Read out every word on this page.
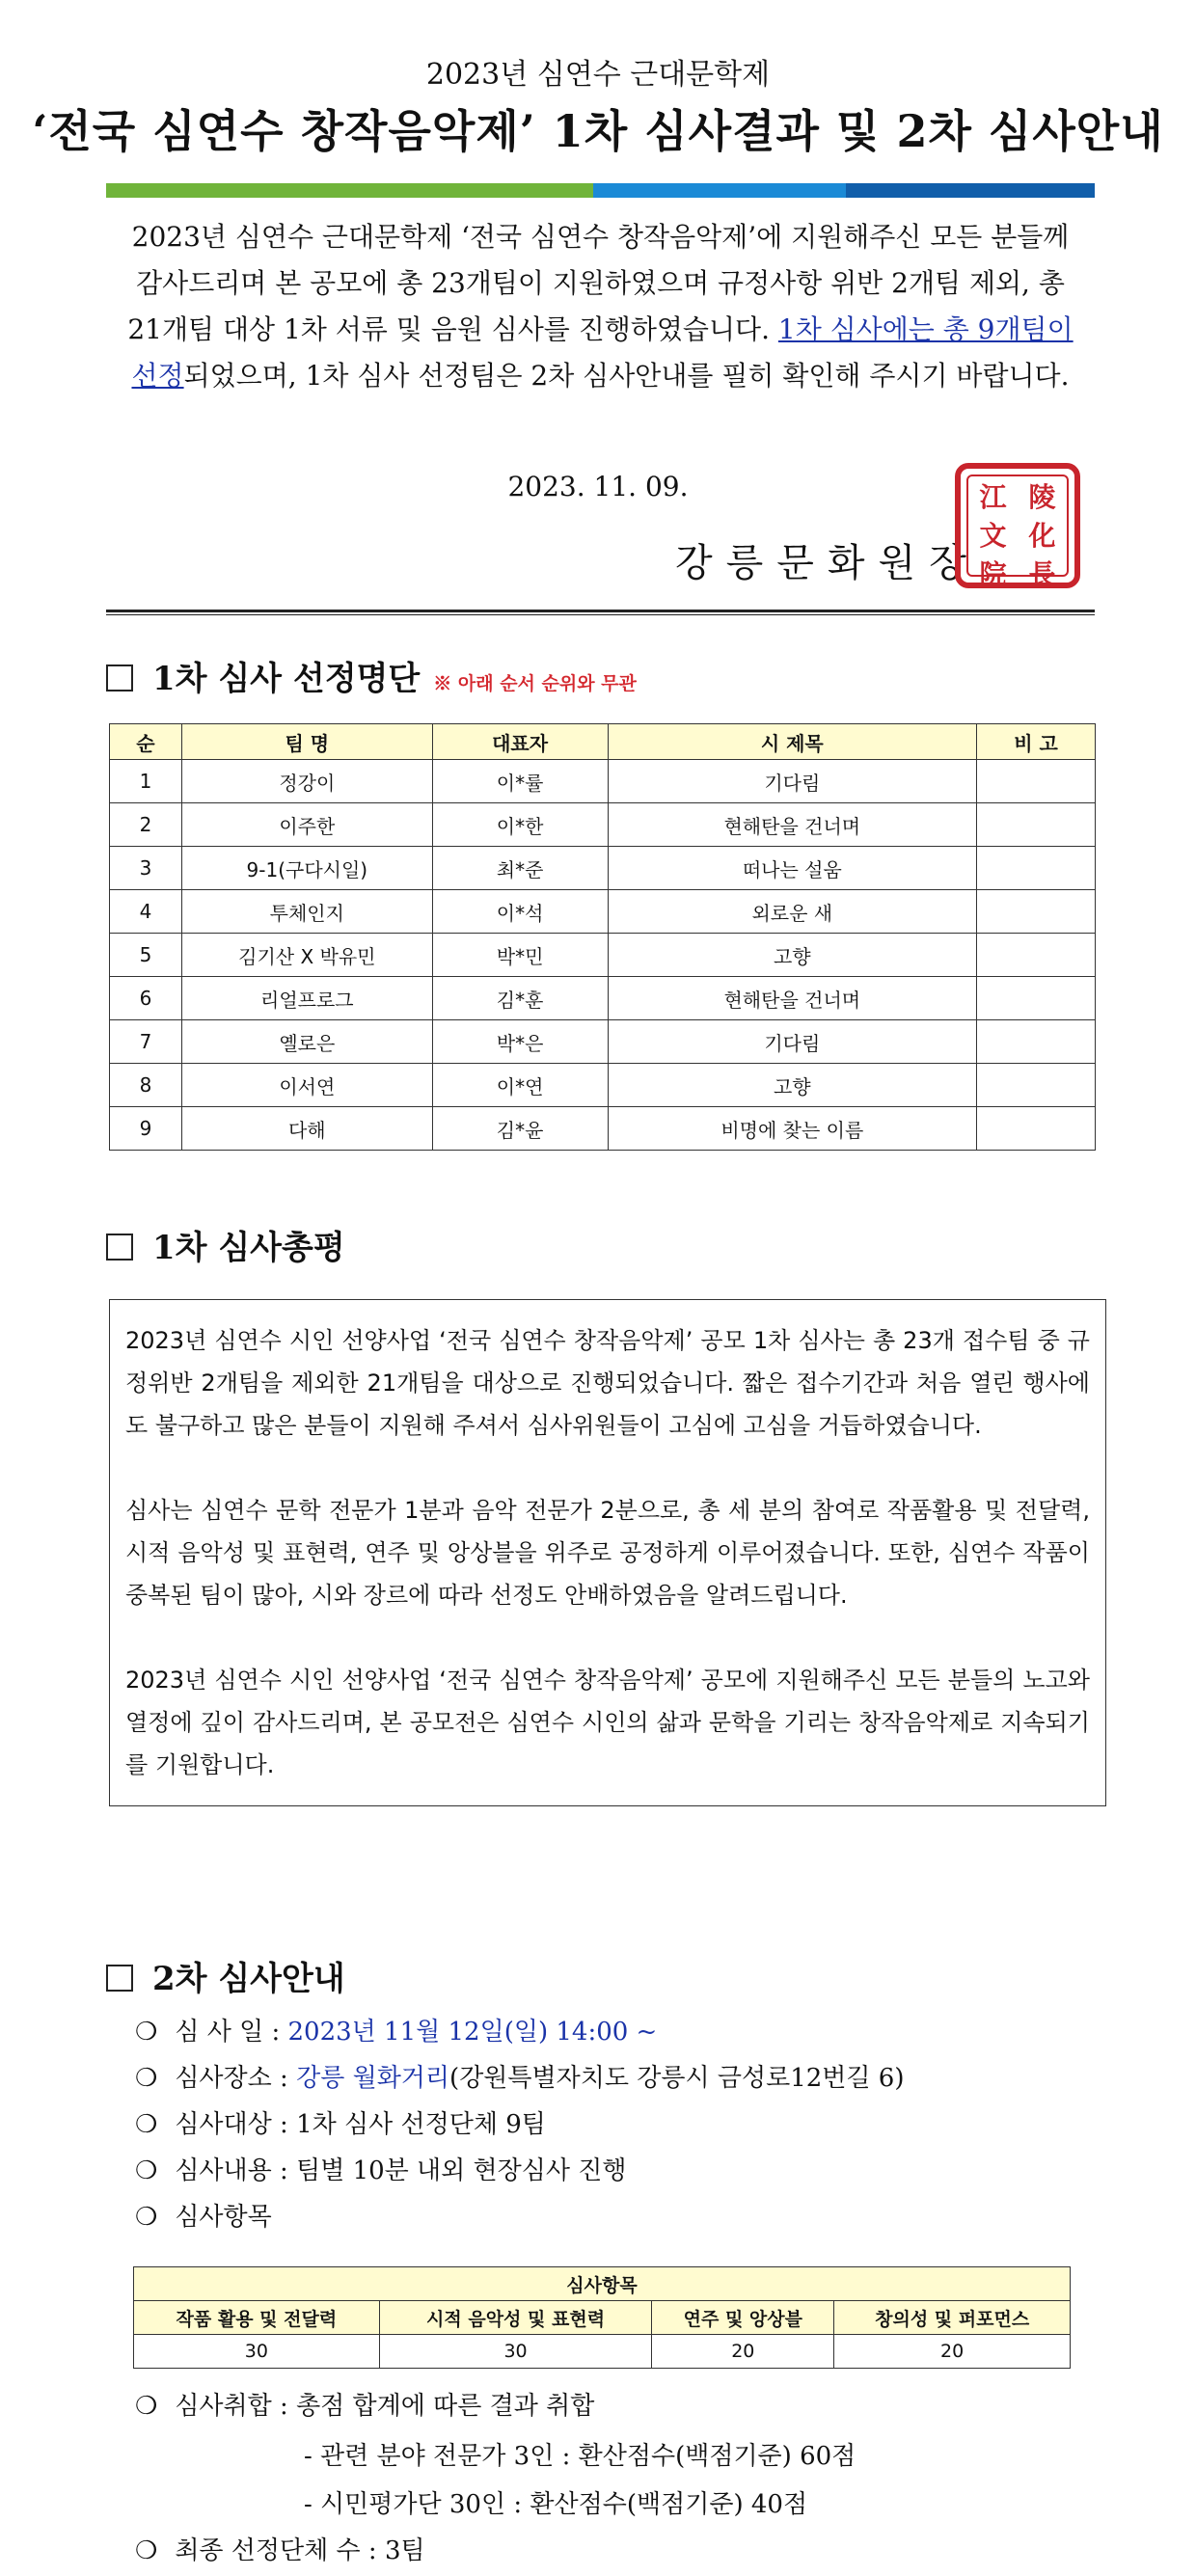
2023년 심연수 근대문학제
‘전국 심연수 창작음악제’ 1차 심사결과 및 2차 심사안내
2023년 심연수 근대문학제 ‘전국 심연수 창작음악제’에 지원해주신 모든 분들께 감사드리며 본 공모에 총 23개팀이 지원하였으며 규정사항 위반 2개팀 제외, 총 21개팀 대상 1차 서류 및 음원 심사를 진행하였습니다. 1차 심사에는 총 9개팀이 선정되었으며, 1차 심사 선정팀은 2차 심사안내를 필히 확인해 주시기 바랍니다.
2023. 11. 09.
강릉문화원장
江 陵
文 化
院 長
1차 심사 선정명단 ※ 아래 순서 순위와 무관
순	팀 명	대표자	시 제목	비 고
1	정강이	이*률	기다림	
2	이주한	이*한	현해탄을 건너며	
3	9-1(구다시일)	최*준	떠나는 설움	
4	투체인지	이*석	외로운 새	
5	김기산 X 박유민	박*민	고향	
6	리얼프로그	김*훈	현해탄을 건너며	
7	옐로은	박*은	기다림	
8	이서연	이*연	고향	
9	다해	김*윤	비명에 찾는 이름	
1차 심사총평

2023년 심연수 시인 선양사업 ‘전국 심연수 창작음악제’ 공모 1차 심사는 총 23개 접수팀 중 규정위반 2개팀을 제외한 21개팀을 대상으로 진행되었습니다. 짧은 접수기간과 처음 열린 행사에도 불구하고 많은 분들이 지원해 주셔서 심사위원들이 고심에 고심을 거듭하였습니다.

심사는 심연수 문학 전문가 1분과 음악 전문가 2분으로, 총 세 분의 참여로 작품활용 및 전달력, 시적 음악성 및 표현력, 연주 및 앙상블을 위주로 공정하게 이루어졌습니다. 또한, 심연수 작품이 중복된 팀이 많아, 시와 장르에 따라 선정도 안배하였음을 알려드립니다.

2023년 심연수 시인 선양사업 ‘전국 심연수 창작음악제’ 공모에 지원해주신 모든 분들의 노고와 열정에 깊이 감사드리며, 본 공모전은 심연수 시인의 삶과 문학을 기리는 창작음악제로 지속되기를 기원합니다.

2차 심사안내
❍ 심 사 일 : 2023년 11월 12일(일) 14:00 ~
❍ 심사장소 : 강릉 월화거리(강원특별자치도 강릉시 금성로12번길 6)
❍ 심사대상 : 1차 심사 선정단체 9팀
❍ 심사내용 : 팀별 10분 내외 현장심사 진행
❍ 심사항목
심사항목			
작품 활용 및 전달력	시적 음악성 및 표현력	연주 및 앙상블	창의성 및 퍼포먼스
30	30	20	20
❍ 심사취합 : 총점 합계에 따른 결과 취합
- 관련 분야 전문가 3인 : 환산점수(백점기준) 60점
- 시민평가단 30인 : 환산점수(백점기준) 40점
❍ 최종 선정단체 수 : 3팀
